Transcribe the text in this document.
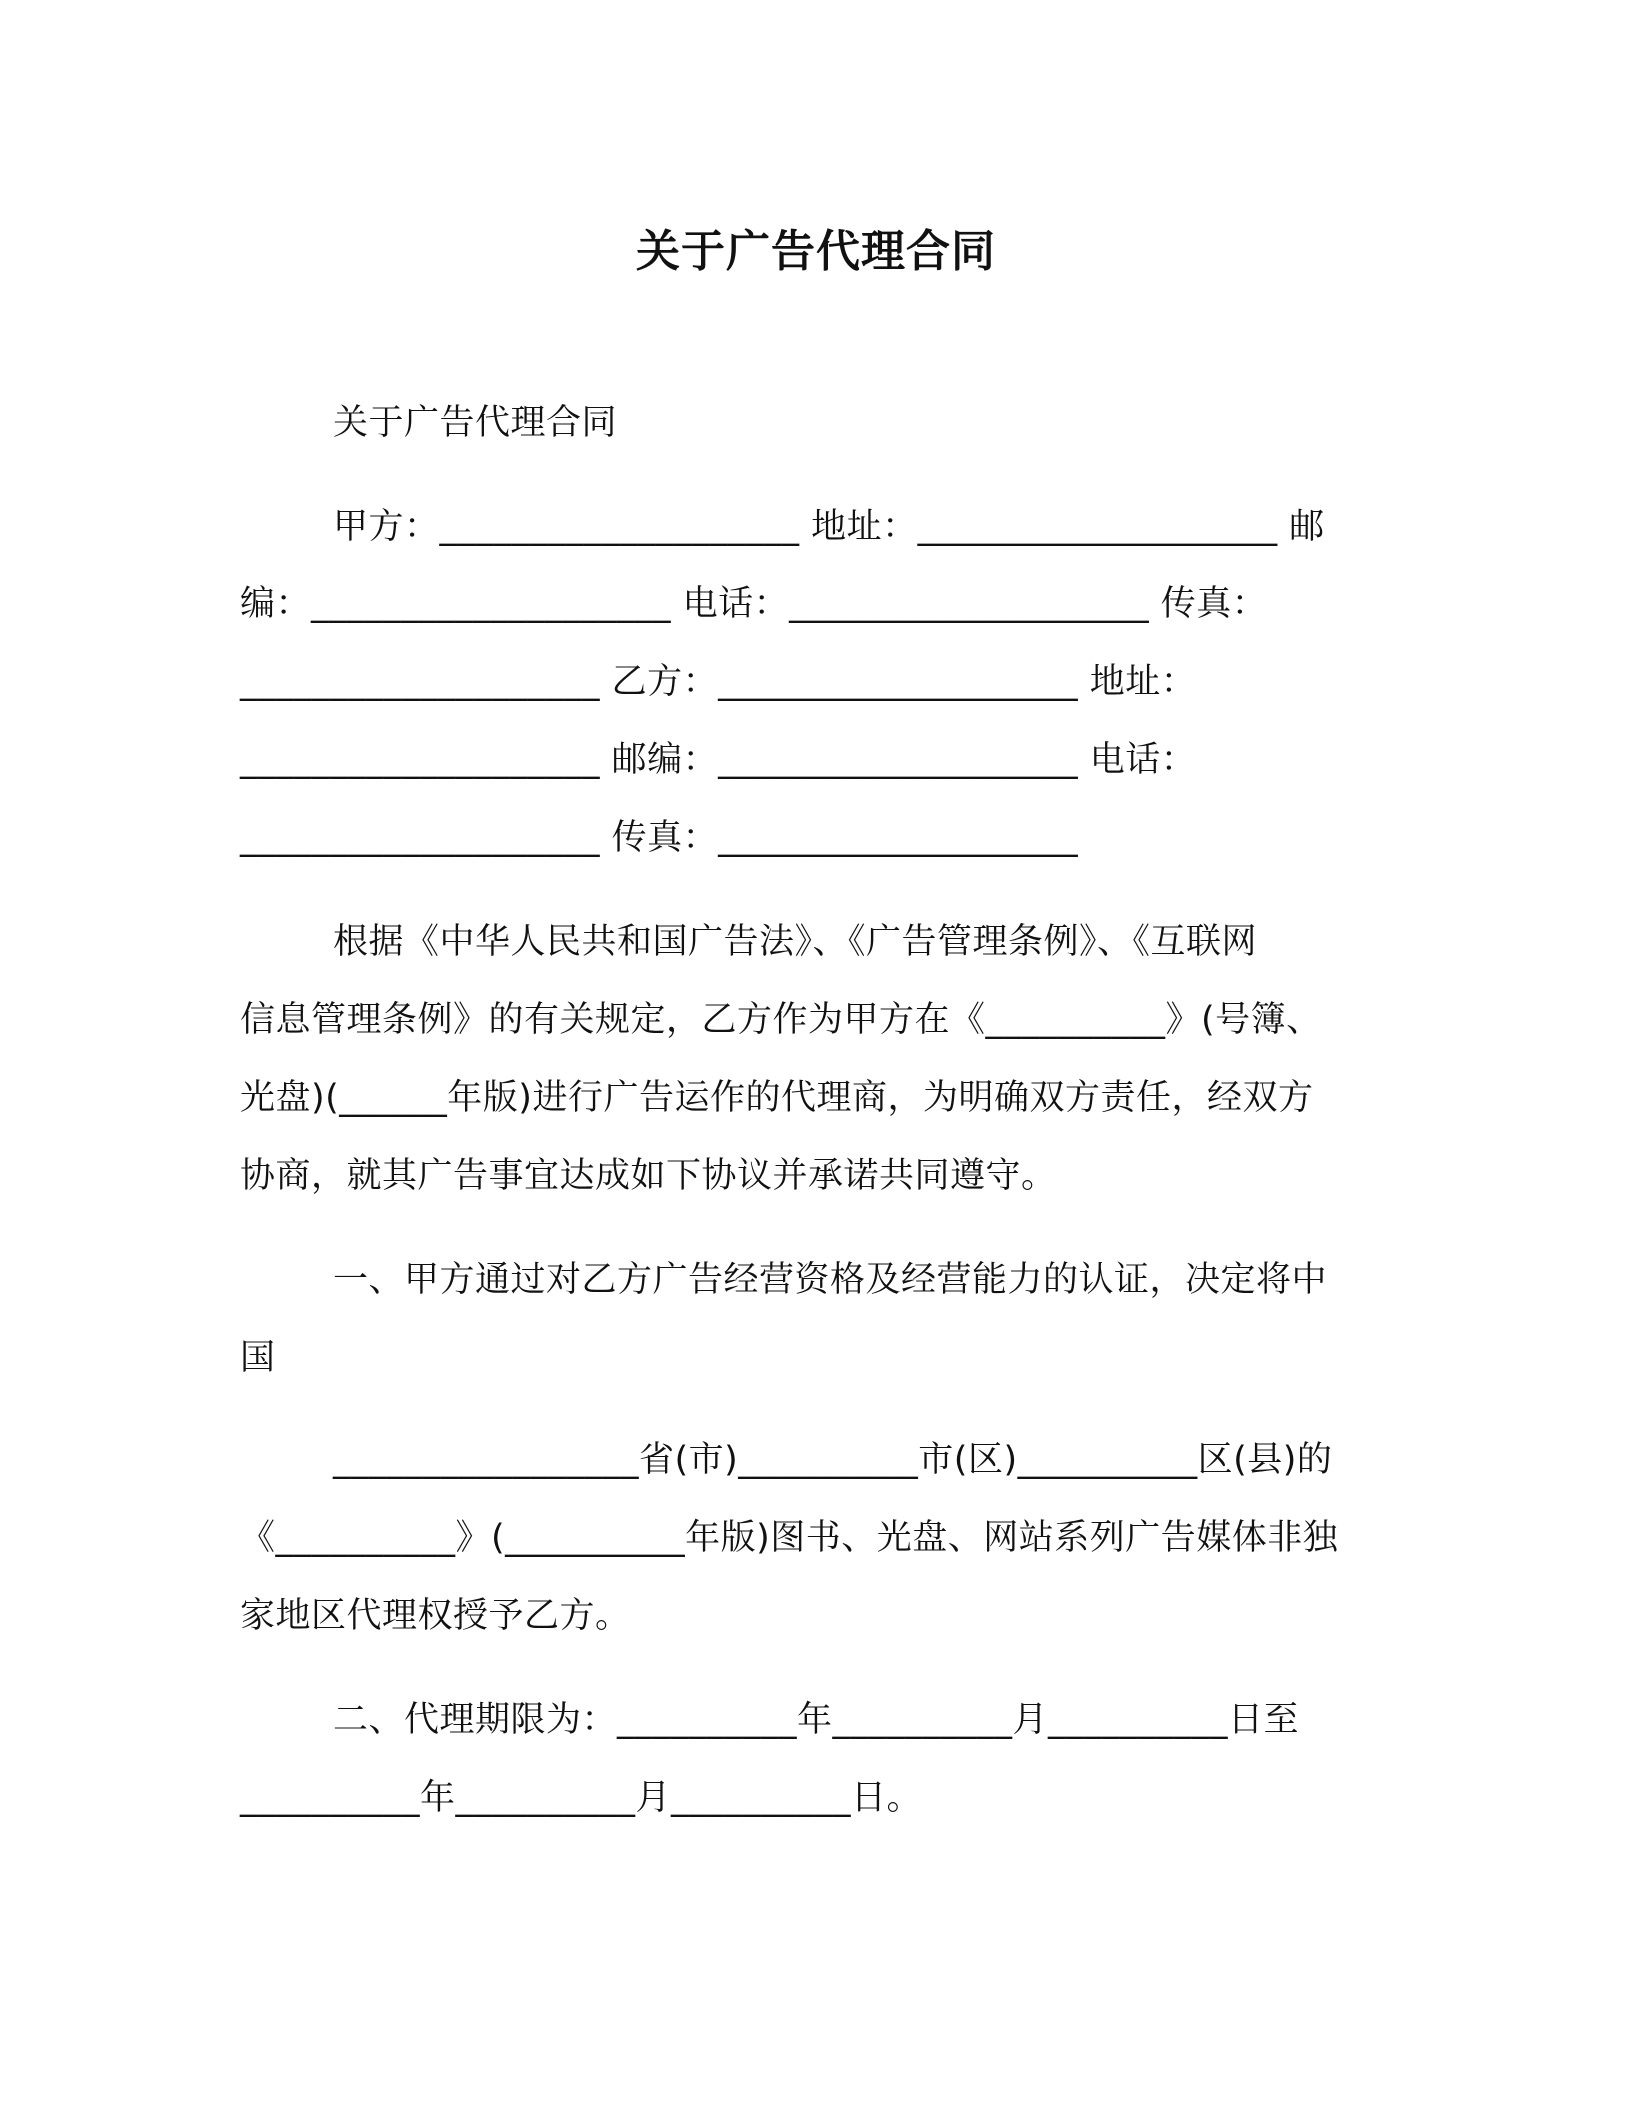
关于广告代理合同
关于广告代理合同
甲方：____________________ 地址：____________________ 邮
编：____________________ 电话：____________________ 传真：
____________________ 乙方：____________________ 地址：
____________________ 邮编：____________________ 电话：
____________________ 传真：____________________
根据《中华人民共和国广告法》、《广告管理条例》、《互联网
信息管理条例》的有关规定，乙方作为甲方在《__________》(号簿、
光盘)(______年版)进行广告运作的代理商，为明确双方责任，经双方
协商，就其广告事宜达成如下协议并承诺共同遵守。
一、甲方通过对乙方广告经营资格及经营能力的认证，决定将中
国
_________________省(市)__________市(区)__________区(县)的
《__________》(__________年版)图书、光盘、网站系列广告媒体非独
家地区代理权授予乙方。
二、代理期限为：__________年__________月__________日至
__________年__________月__________日。
